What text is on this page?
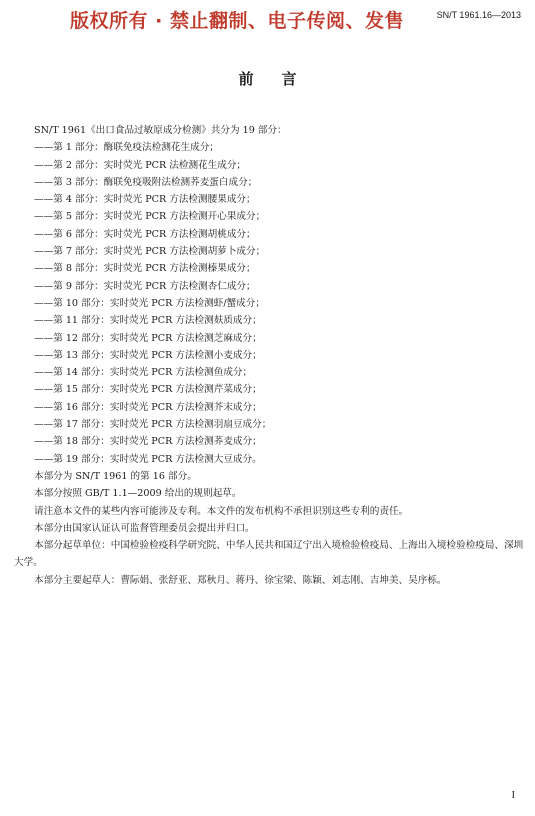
版权所有 · 禁止翻制、电子传阅、发售	SN/T 1961.16—2013
前言

SN/T 1961《出口食品过敏原成分检测》共分为 19 部分：

——第 1 部分：酶联免疫法检测花生成分；

——第 2 部分：实时荧光 PCR 法检测花生成分；

——第 3 部分：酶联免疫吸附法检测荞麦蛋白成分；

——第 4 部分：实时荧光 PCR 方法检测腰果成分；

——第 5 部分：实时荧光 PCR 方法检测开心果成分；

——第 6 部分：实时荧光 PCR 方法检测胡桃成分；

——第 7 部分：实时荧光 PCR 方法检测胡萝卜成分；

——第 8 部分：实时荧光 PCR 方法检测榛果成分；

——第 9 部分：实时荧光 PCR 方法检测杏仁成分；

——第 10 部分：实时荧光 PCR 方法检测虾/蟹成分；

——第 11 部分：实时荧光 PCR 方法检测麸质成分；

——第 12 部分：实时荧光 PCR 方法检测芝麻成分；

——第 13 部分：实时荧光 PCR 方法检测小麦成分；

——第 14 部分：实时荧光 PCR 方法检测鱼成分；

——第 15 部分：实时荧光 PCR 方法检测芹菜成分；

——第 16 部分：实时荧光 PCR 方法检测芥末成分；

——第 17 部分：实时荧光 PCR 方法检测羽扇豆成分；

——第 18 部分：实时荧光 PCR 方法检测荞麦成分；

——第 19 部分：实时荧光 PCR 方法检测大豆成分。

本部分为 SN/T 1961 的第 16 部分。

本部分按照 GB/T 1.1—2009 给出的规则起草。

请注意本文件的某些内容可能涉及专利。本文件的发布机构不承担识别这些专利的责任。

本部分由国家认证认可监督管理委员会提出并归口。

本部分起草单位：中国检验检疫科学研究院、中华人民共和国辽宁出入境检验检疫局、上海出入境检验检疫局、深圳大学。

本部分主要起草人：曹际娟、张舒亚、郑秋月、蒋丹、徐宝梁、陈颖、刘志刚、吉坤美、吴序栎。

I
